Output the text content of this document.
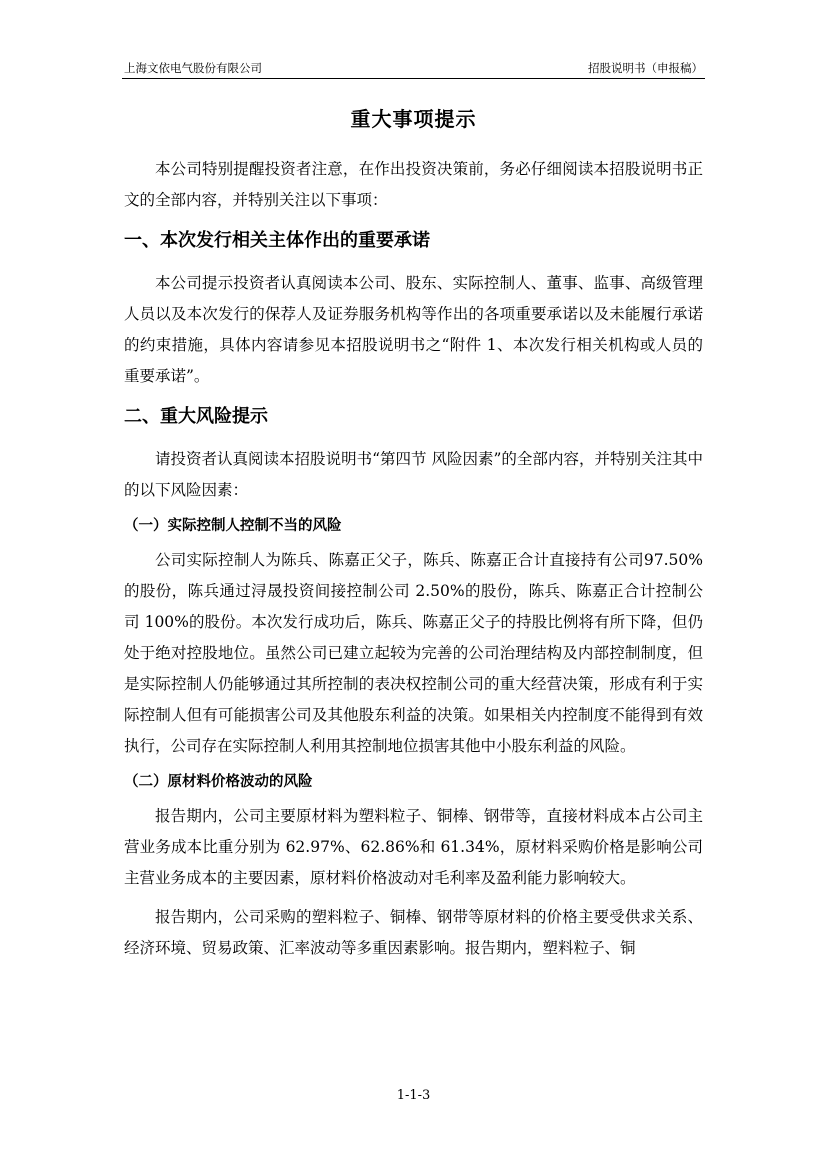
上海文依电气股份有限公司	招股说明书（申报稿）
重大事项提示

本公司特别提醒投资者注意，在作出投资决策前，务必仔细阅读本招股说明书正文的全部内容，并特别关注以下事项：

一、本次发行相关主体作出的重要承诺

本公司提示投资者认真阅读本公司、股东、实际控制人、董事、监事、高级管理人员以及本次发行的保荐人及证券服务机构等作出的各项重要承诺以及未能履行承诺的约束措施，具体内容请参见本招股说明书之“附件 1、本次发行相关机构或人员的重要承诺”。

二、重大风险提示

请投资者认真阅读本招股说明书“第四节 风险因素”的全部内容，并特别关注其中的以下风险因素：

（一）实际控制人控制不当的风险

公司实际控制人为陈兵、陈嘉正父子，陈兵、陈嘉正合计直接持有公司97.50%的股份，陈兵通过浔晟投资间接控制公司 2.50%的股份，陈兵、陈嘉正合计控制公司 100%的股份。本次发行成功后，陈兵、陈嘉正父子的持股比例将有所下降，但仍处于绝对控股地位。虽然公司已建立起较为完善的公司治理结构及内部控制制度，但是实际控制人仍能够通过其所控制的表决权控制公司的重大经营决策，形成有利于实际控制人但有可能损害公司及其他股东利益的决策。如果相关内控制度不能得到有效执行，公司存在实际控制人利用其控制地位损害其他中小股东利益的风险。

（二）原材料价格波动的风险

报告期内，公司主要原材料为塑料粒子、铜棒、钢带等，直接材料成本占公司主营业务成本比重分别为 62.97%、62.86%和 61.34%，原材料采购价格是影响公司主营业务成本的主要因素，原材料价格波动对毛利率及盈利能力影响较大。

报告期内，公司采购的塑料粒子、铜棒、钢带等原材料的价格主要受供求关系、经济环境、贸易政策、汇率波动等多重因素影响。报告期内，塑料粒子、铜

1-1-3
